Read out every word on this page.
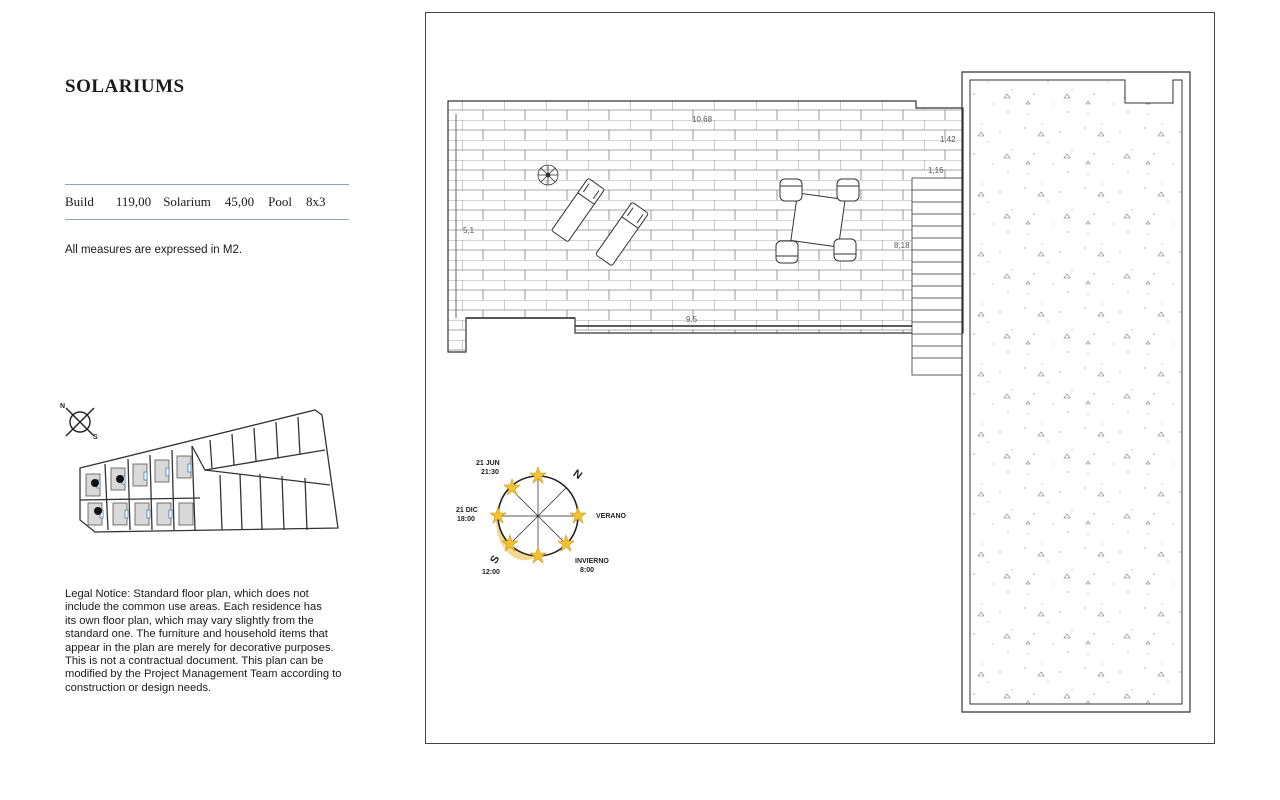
SOLARIUMS
Build 119,00 Solarium 45,00 Pool 8x3
All measures are expressed in M2.
Legal Notice: Standard floor plan, which does not
include the common use areas. Each residence has
its own floor plan, which may vary slightly from the
standard one. The furniture and household items that
appear in the plan are merely for decorative purposes.
This is not a contractual document. This plan can be
modified by the Project Management Team according to
construction or design needs.
N
S
10,68
9,5
5,1
1,42
1,16
8,18
N
S
21 JUN
21:30
21 DIC
18:00	VERANO
INVIERNO
8:00
12:00
